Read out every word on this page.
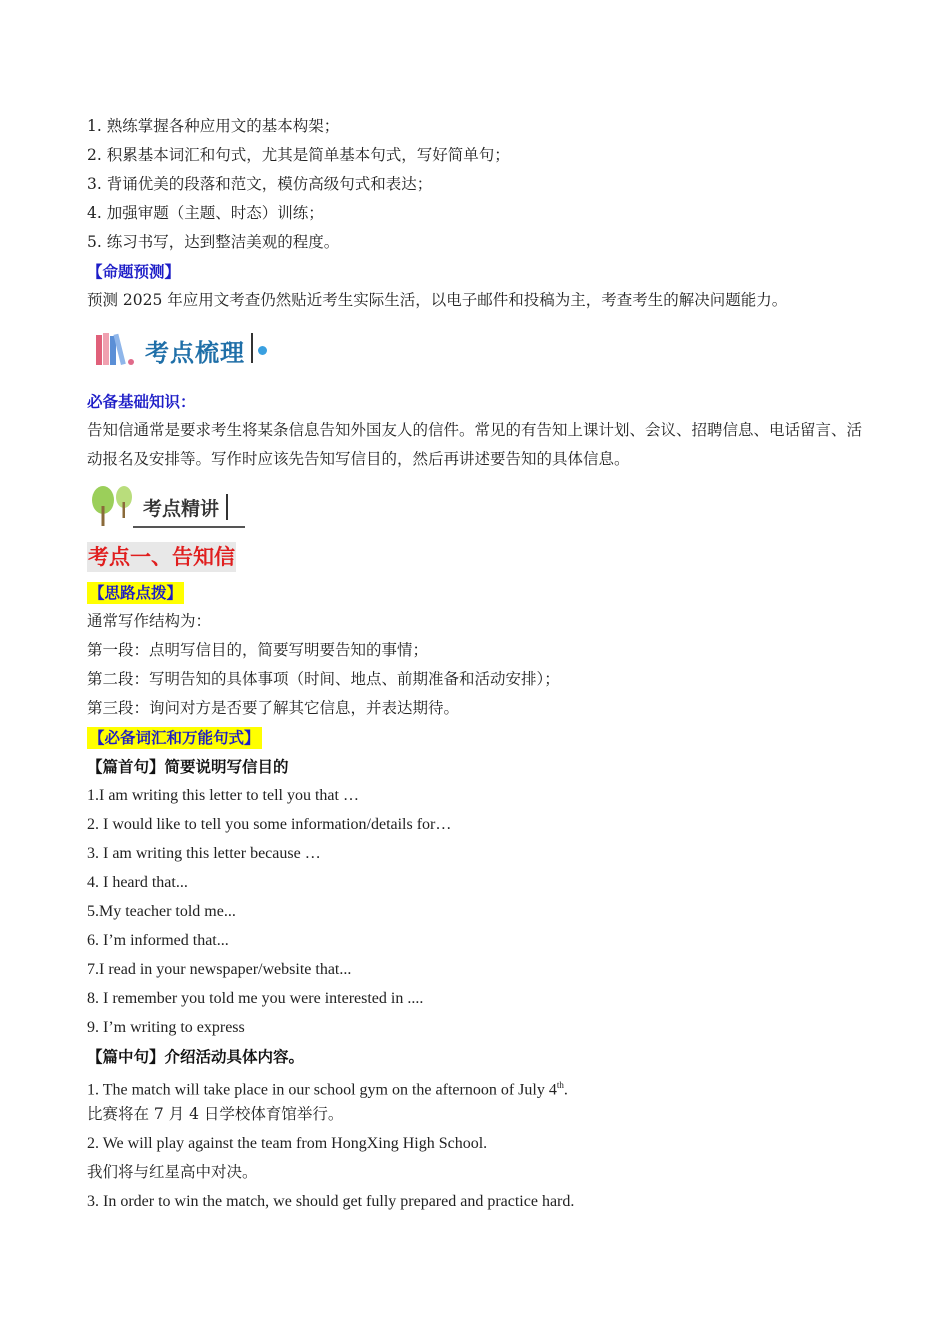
1. 熟练掌握各种应用文的基本构架；
2. 积累基本词汇和句式，尤其是简单基本句式，写好简单句；
3. 背诵优美的段落和范文，模仿高级句式和表达；
4. 加强审题（主题、时态）训练；
5. 练习书写，达到整洁美观的程度。
【命题预测】
预测 2025 年应用文考查仍然贴近考生实际生活，以电子邮件和投稿为主，考查考生的解决问题能力。
考点梳理
必备基础知识：
告知信通常是要求考生将某条信息告知外国友人的信件。常见的有告知上课计划、会议、招聘信息、电话留言、活动报名及安排等。写作时应该先告知写信目的，然后再讲述要告知的具体信息。
考点精讲
考点一、告知信
【思路点拨】
通常写作结构为：
第一段：点明写信目的，简要写明要告知的事情；
第二段：写明告知的具体事项（时间、地点、前期准备和活动安排）；
第三段：询问对方是否要了解其它信息，并表达期待。
【必备词汇和万能句式】
【篇首句】简要说明写信目的
1.I am writing this letter to tell you that …
2. I would like to tell you some information/details for…
3. I am writing this letter because …
4. I heard that...
5.My teacher told me...
6. I’m informed that...
7.I read in your newspaper/website that...
8. I remember you told me you were interested in ....
9. I’m writing to express
【篇中句】介绍活动具体内容。
1. The match will take place in our school gym on the afternoon of July 4th.
比赛将在 7 月 4 日学校体育馆举行。
2. We will play against the team from HongXing High School.
我们将与红星高中对决。
3. In order to win the match, we should get fully prepared and practice hard.
